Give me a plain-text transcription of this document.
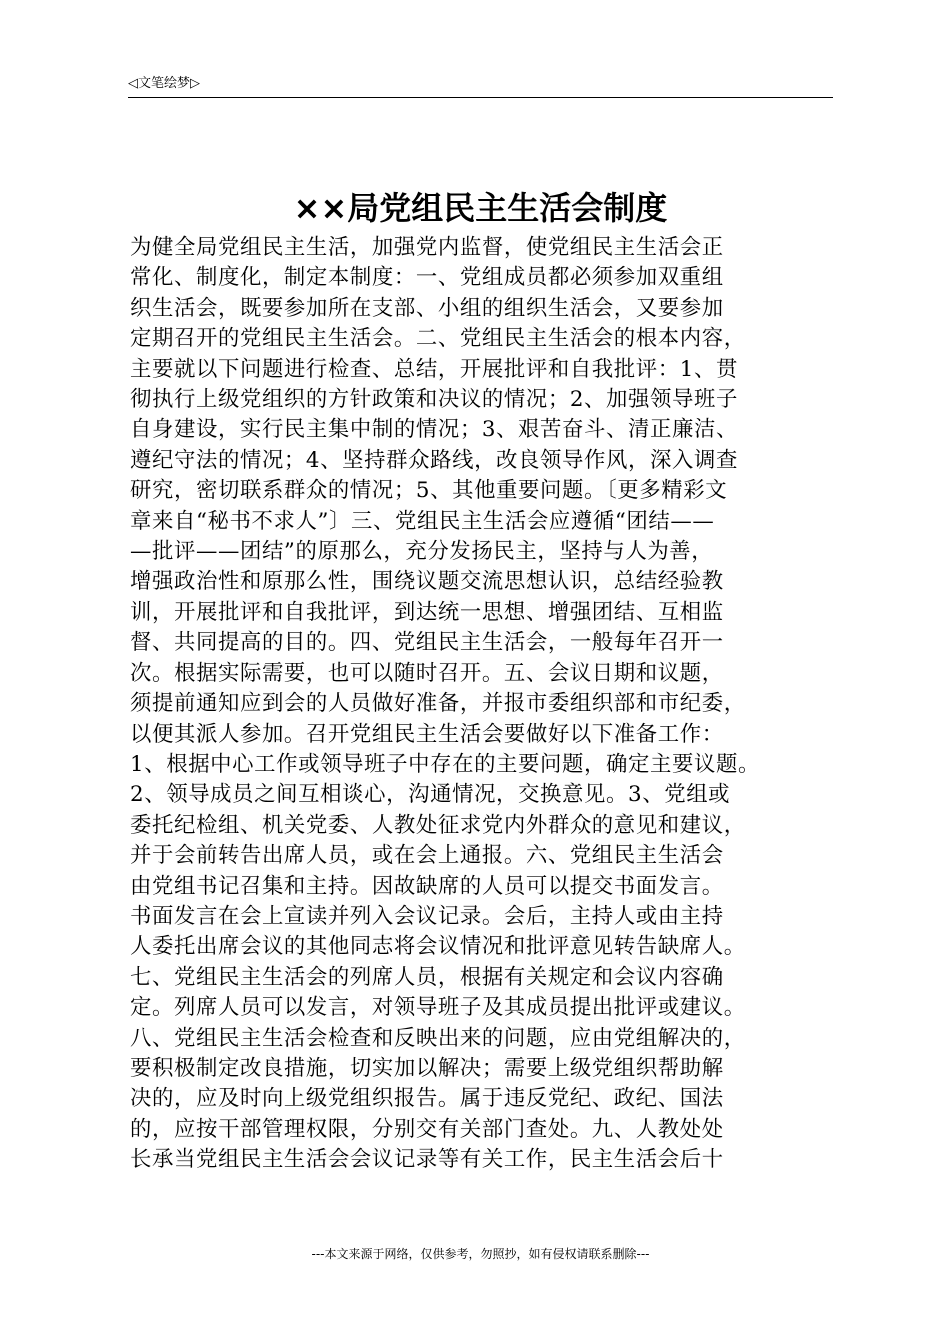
◁文笔绘梦▷
××局党组民主生活会制度
为健全局党组民主生活，加强党内监督，使党组民主生活会正
常化、制度化，制定本制度：一、党组成员都必须参加双重组
织生活会，既要参加所在支部、小组的组织生活会，又要参加
定期召开的党组民主生活会。二、党组民主生活会的根本内容，
主要就以下问题进行检查、总结，开展批评和自我批评：1、贯
彻执行上级党组织的方针政策和决议的情况；2、加强领导班子
自身建设，实行民主集中制的情况；3、艰苦奋斗、清正廉洁、
遵纪守法的情况；4、坚持群众路线，改良领导作风，深入调查
研究，密切联系群众的情况；5、其他重要问题。〔更多精彩文
章来自“秘书不求人”〕三、党组民主生活会应遵循“团结——
—批评——团结”的原那么，充分发扬民主，坚持与人为善，
增强政治性和原那么性，围绕议题交流思想认识，总结经验教
训，开展批评和自我批评，到达统一思想、增强团结、互相监
督、共同提高的目的。四、党组民主生活会，一般每年召开一
次。根据实际需要，也可以随时召开。五、会议日期和议题，
须提前通知应到会的人员做好准备，并报市委组织部和市纪委，
以便其派人参加。召开党组民主生活会要做好以下准备工作：
1、根据中心工作或领导班子中存在的主要问题，确定主要议题。
2、领导成员之间互相谈心，沟通情况，交换意见。3、党组或
委托纪检组、机关党委、人教处征求党内外群众的意见和建议，
并于会前转告出席人员，或在会上通报。六、党组民主生活会
由党组书记召集和主持。因故缺席的人员可以提交书面发言。
书面发言在会上宣读并列入会议记录。会后，主持人或由主持
人委托出席会议的其他同志将会议情况和批评意见转告缺席人。
七、党组民主生活会的列席人员，根据有关规定和会议内容确
定。列席人员可以发言，对领导班子及其成员提出批评或建议。
八、党组民主生活会检查和反映出来的问题，应由党组解决的，
要积极制定改良措施，切实加以解决；需要上级党组织帮助解
决的，应及时向上级党组织报告。属于违反党纪、政纪、国法
的，应按干部管理权限，分别交有关部门查处。九、人教处处
长承当党组民主生活会会议记录等有关工作，民主生活会后十
---本文来源于网络，仅供参考，勿照抄，如有侵权请联系删除---
